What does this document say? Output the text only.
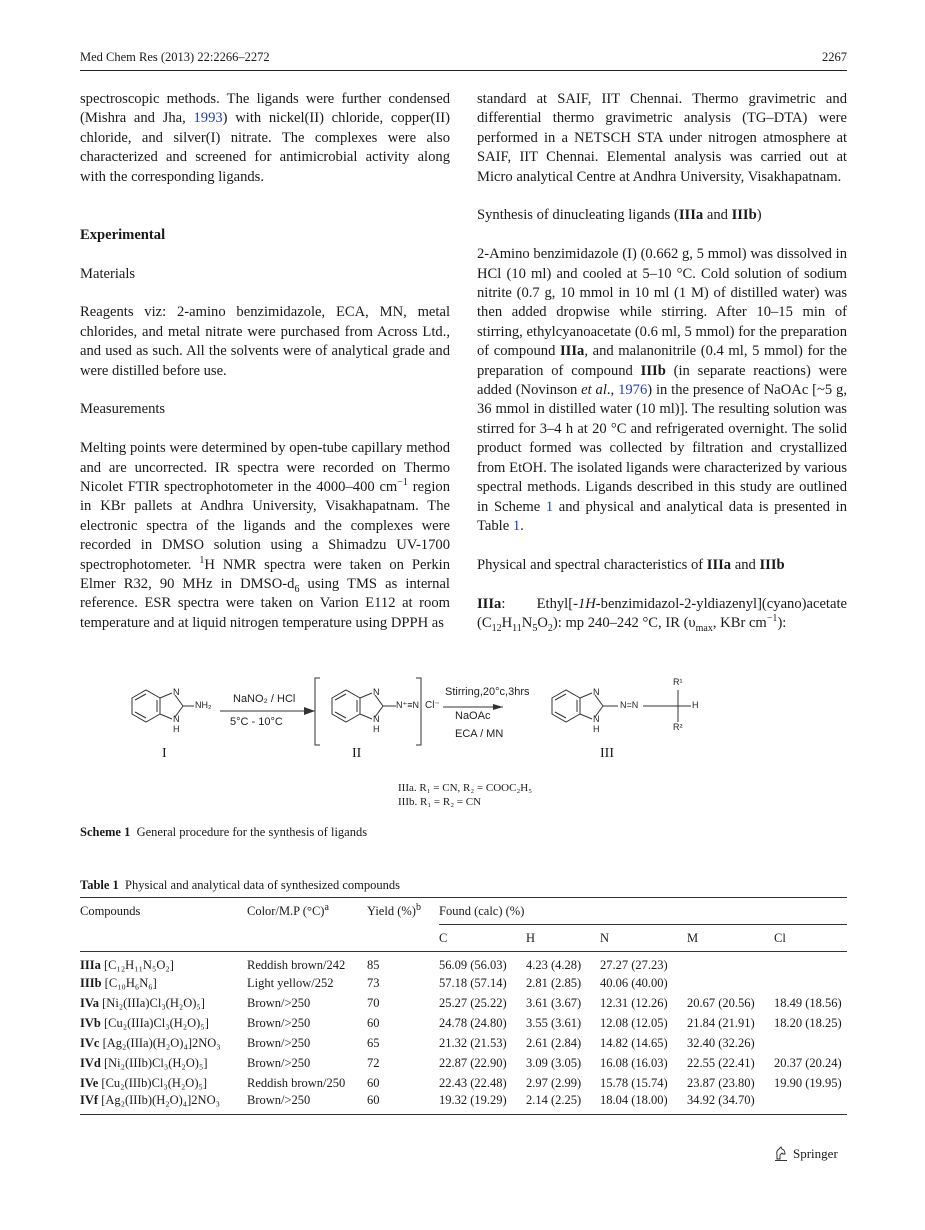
Med Chem Res (2013) 22:2266–2272	2267

spectroscopic methods. The ligands were further condensed (Mishra and Jha, 1993) with nickel(II) chloride, copper(II) chloride, and silver(I) nitrate. The complexes were also characterized and screened for antimicrobial activity along with the corresponding ligands.

Experimental

Materials

Reagents viz: 2-amino benzimidazole, ECA, MN, metal chlorides, and metal nitrate were purchased from Across Ltd., and used as such. All the solvents were of analytical grade and were distilled before use.

Measurements

Melting points were determined by open-tube capillary method and are uncorrected. IR spectra were recorded on Thermo Nicolet FTIR spectrophotometer in the 4000–400 $cm^{-1}$ region in KBr pallets at Andhra University, Visakhapatnam. The electronic spectra of the ligands and the complexes were recorded in DMSO solution using a Shimadzu UV-1700 spectrophotometer. $^1$H NMR spectra were taken on Perkin Elmer R32, 90 MHz in DMSO-$d_6$ using TMS as internal reference. ESR spectra were taken on Varion E112 at room temperature and at liquid nitrogen temperature using DPPH as

standard at SAIF, IIT Chennai. Thermo gravimetric and differential thermo gravimetric analysis (TG–DTA) were performed in a NETSCH STA under nitrogen atmosphere at SAIF, IIT Chennai. Elemental analysis was carried out at Micro analytical Centre at Andhra University, Visakhapatnam.

Synthesis of dinucleating ligands (IIIa and IIIb)

2-Amino benzimidazole (I) (0.662 g, 5 mmol) was dissolved in HCl (10 ml) and cooled at 5–10 °C. Cold solution of sodium nitrite (0.7 g, 10 mmol in 10 ml (1 M) of distilled water) was then added dropwise while stirring. After 10–15 min of stirring, ethylcyanoacetate (0.6 ml, 5 mmol) for the preparation of compound IIIa, and malanonitrile (0.4 ml, 5 mmol) for the preparation of compound IIIb (in separate reactions) were added (Novinson et al., 1976) in the presence of NaOAc [~5 g, 36 mmol in distilled water (10 ml)]. The resulting solution was stirred for 3–4 h at 20 °C and refrigerated overnight. The solid product formed was collected by filtration and crystallized from EtOH. The isolated ligands were characterized by various spectral methods. Ligands described in this study are outlined in Scheme 1 and physical and analytical data is presented in Table 1.

Physical and spectral characteristics of IIIa and IIIb

IIIa: Ethyl[-1H-benzimidazol-2-yldiazenyl](cyano)acetate $(C_{12}H_{11}N_5O_2)$: mp 240–242 °C, IR ($\upsilon_{max}$, KBr $cm^{-1}$):

N
N
H
NH₂
N
N
H
N⁺≡N Cl⁻
N
N
H
N=N
R¹
R²
H
NaNO₂ / HCl
5°C - 10°C
Stirring,20°c,3hrs
NaOAc
ECA / MN
I	II	III
IIIa. R₁ = CN, R₂ = COOC₂H₅
IIIb. R₁ = R₂ = CN
Scheme 1 General procedure for the synthesis of ligands
Table 1 Physical and analytical data of synthesized compounds
Compounds	Color/M.P $(^\circ C)^a$	Yield (%)$^b$	Found (calc) (%)				
			C	H	N	M	Cl
IIIa [C₁₂H₁₁N₅O₂]	Reddish brown/242	85	56.09 (56.03)	4.23 (4.28)	27.27 (27.23)		
IIIb [C₁₀H₆N₆]	Light yellow/252	73	57.18 (57.14)	2.81 (2.85)	40.06 (40.00)		
IVa [Ni₂(IIIa)Cl₃(H₂O)₅]	Brown/>250	70	25.27 (25.22)	3.61 (3.67)	12.31 (12.26)	20.67 (20.56)	18.49 (18.56)
IVb [Cu₂(IIIa)Cl₃(H₂O)₅]	Brown/>250	60	24.78 (24.80)	3.55 (3.61)	12.08 (12.05)	21.84 (21.91)	18.20 (18.25)
IVc [Ag₂(IIIa)(H₂O)₄]2NO₃	Brown/>250	65	21.32 (21.53)	2.61 (2.84)	14.82 (14.65)	32.40 (32.26)	
IVd [Ni₂(IIIb)Cl₃(H₂O)₅]	Brown/>250	72	22.87 (22.90)	3.09 (3.05)	16.08 (16.03)	22.55 (22.41)	20.37 (20.24)
IVe [Cu₂(IIIb)Cl₃(H₂O)₅]	Reddish brown/250	60	22.43 (22.48)	2.97 (2.99)	15.78 (15.74)	23.87 (23.80)	19.90 (19.95)
IVf [Ag₂(IIIb)(H₂O)₄]2NO₃	Brown/>250	60	19.32 (19.29)	2.14 (2.25)	18.04 (18.00)	34.92 (34.70)	
Springer
